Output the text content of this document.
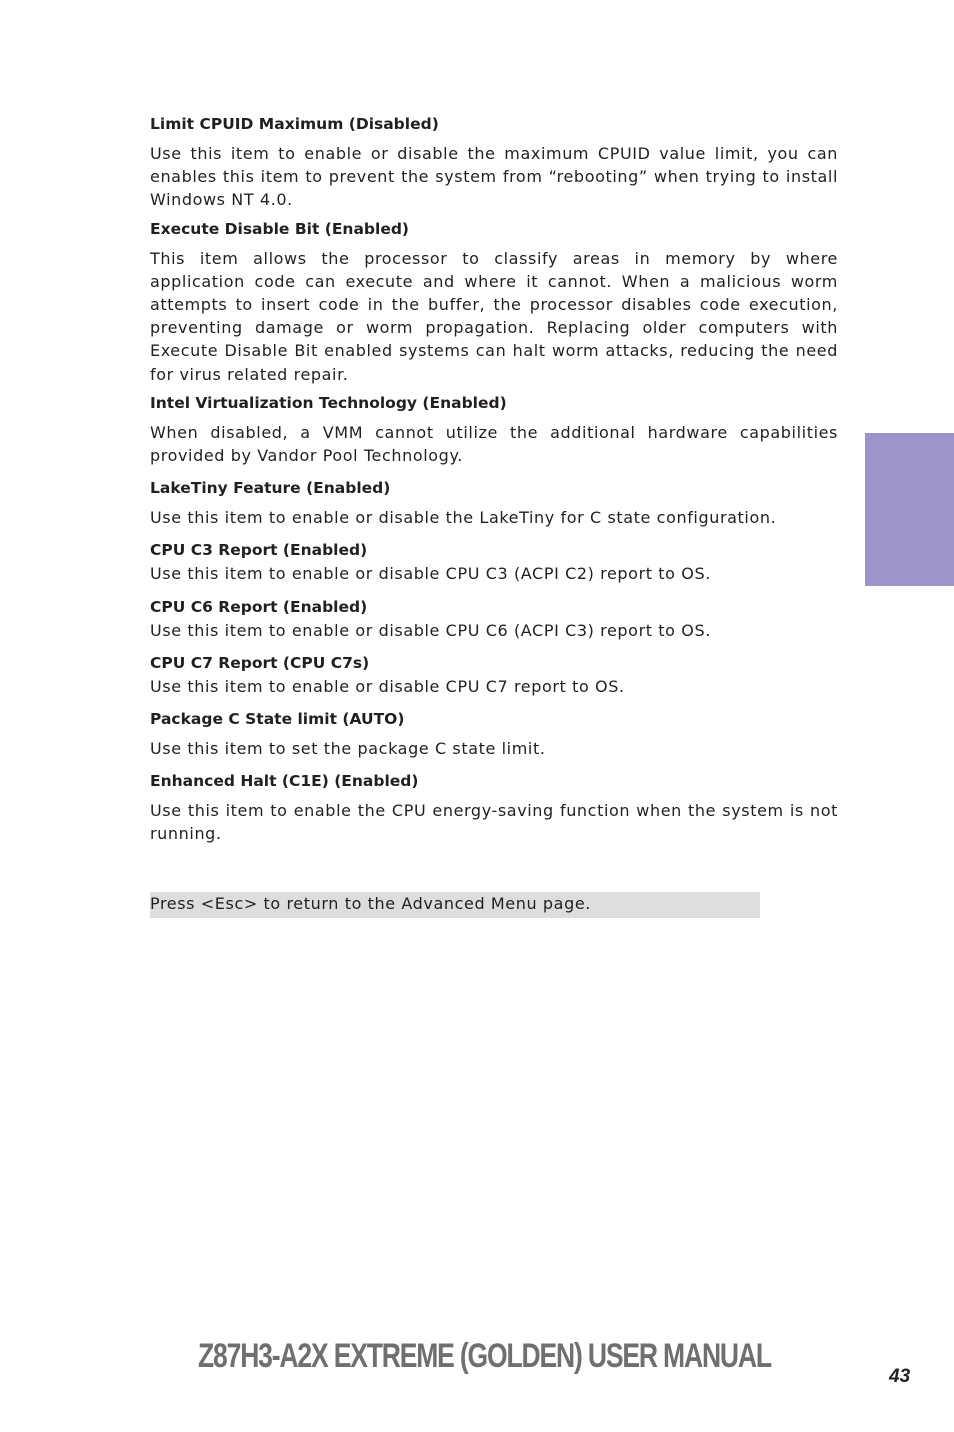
Limit CPUID Maximum (Disabled)

Use this item to enable or disable the maximum CPUID value limit, you can enables this item to prevent the system from “rebooting” when trying to install Windows NT 4.0.

Execute Disable Bit (Enabled)

This item allows the processor to classify areas in memory by where application code can execute and where it cannot. When a malicious worm attempts to insert code in the buffer, the processor disables code execution, preventing damage or worm propagation. Replacing older computers with Execute Disable Bit enabled systems can halt worm attacks, reducing the need for virus related repair.

Intel Virtualization Technology (Enabled)

When disabled, a VMM cannot utilize the additional hardware capabilities provided by Vandor Pool Technology.

LakeTiny Feature (Enabled)

Use this item to enable or disable the LakeTiny for C state configuration.

CPU C3 Report (Enabled)

Use this item to enable or disable CPU C3 (ACPI C2) report to OS.

CPU C6 Report (Enabled)

Use this item to enable or disable CPU C6 (ACPI C3) report to OS.

CPU C7 Report (CPU C7s)

Use this item to enable or disable CPU C7 report to OS.

Package C State limit (AUTO)

Use this item to set the package C state limit.

Enhanced Halt (C1E) (Enabled)

Use this item to enable the CPU energy-saving function when the system is not running.

Press <Esc> to return to the Advanced Menu page.
Z87H3-A2X EXTREME (GOLDEN) USER MANUAL
43
